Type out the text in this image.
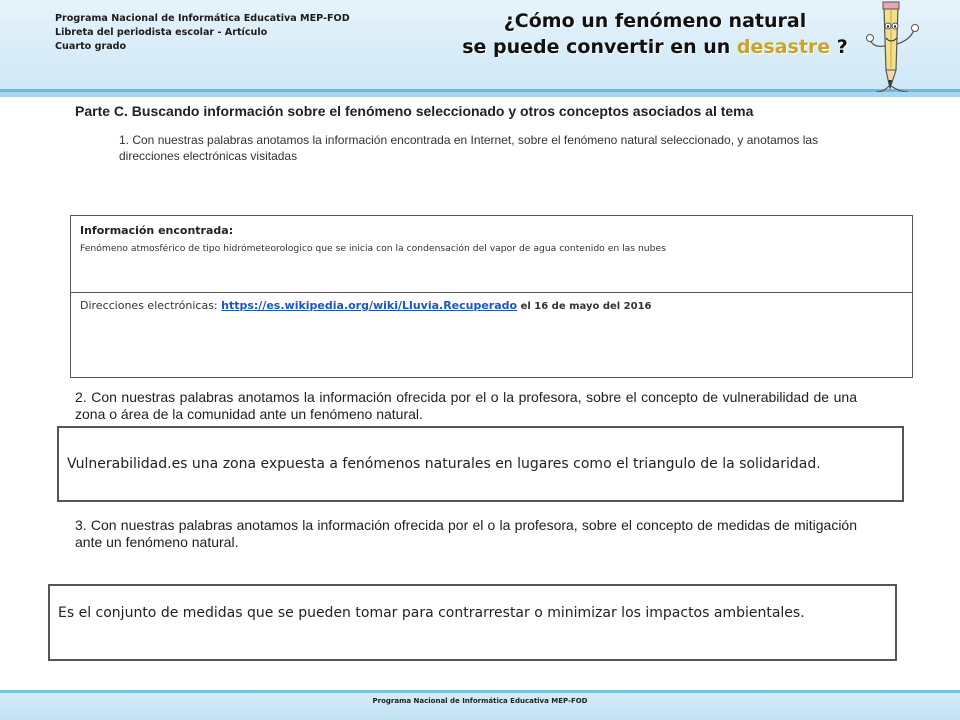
Programa Nacional de Informática Educativa MEP-FOD
Libreta del periodista escolar - Artículo
Cuarto grado
¿Cómo un fenómeno natural
se puede convertir en un desastre ?
Parte C. Buscando información sobre el fenómeno seleccionado y otros conceptos asociados al tema
1. Con nuestras palabras anotamos la información encontrada en Internet, sobre el fenómeno natural seleccionado, y anotamos las direcciones electrónicas visitadas
Información encontrada:
Fenómeno atmosférico de tipo hidrómeteorologico que se inicia con la condensación del vapor de agua contenido en las nubes
Direcciones electrónicas: https://es.wikipedia.org/wiki/Lluvia.Recuperado el 16 de mayo del 2016
2. Con nuestras palabras anotamos la información ofrecida por el o la profesora, sobre el concepto de vulnerabilidad de una zona o área de la comunidad ante un fenómeno natural.
Vulnerabilidad.es una zona expuesta a fenómenos naturales en lugares como el triangulo de la solidaridad.
3. Con nuestras palabras anotamos la información ofrecida por el o la profesora, sobre el concepto de medidas de mitigación ante un fenómeno natural.
Es el conjunto de medidas que se pueden tomar para contrarrestar o minimizar los impactos ambientales.
Programa Nacional de Informática Educativa MEP-FOD
